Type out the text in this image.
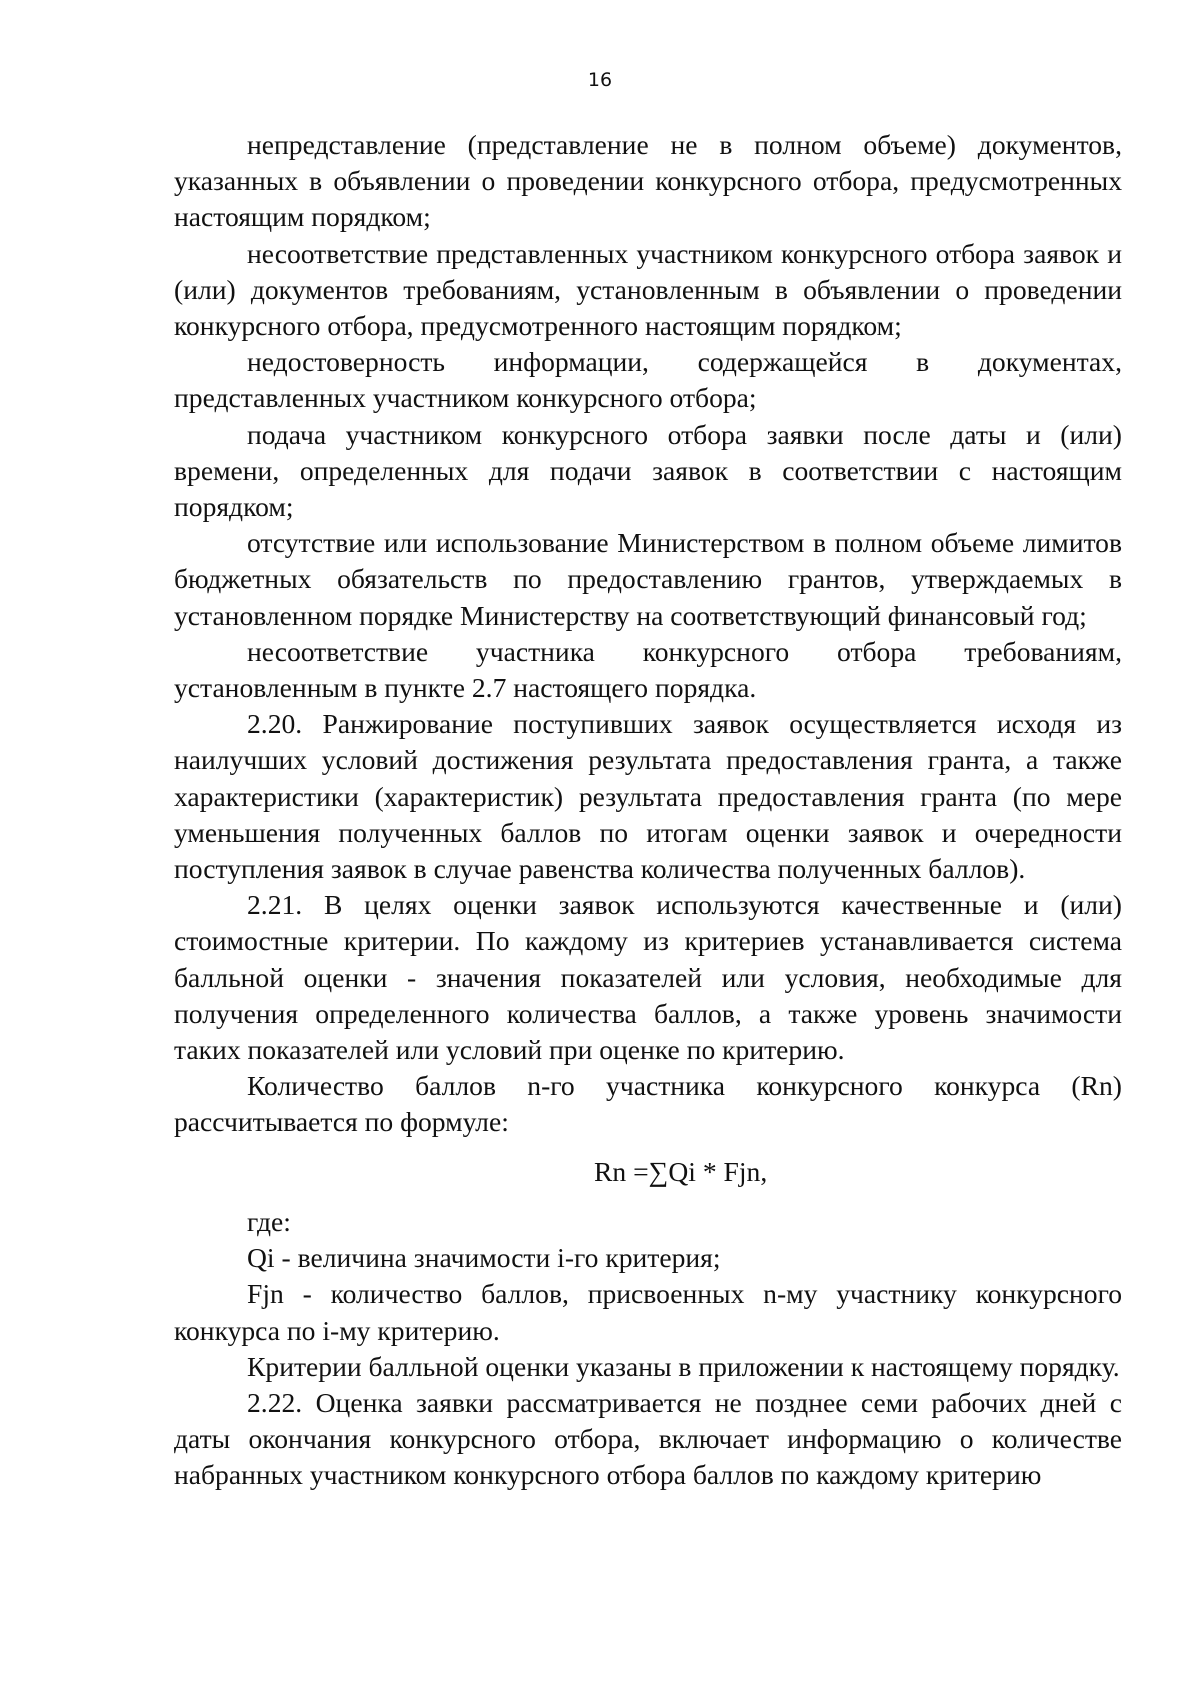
16

непредставление (представление не в полном объеме) документов, указанных в объявлении о проведении конкурсного отбора, предусмотренных настоящим порядком;

несоответствие представленных участником конкурсного отбора заявок и (или) документов требованиям, установленным в объявлении о проведении конкурсного отбора, предусмотренного настоящим порядком;

недостоверность информации, содержащейся в документах, представленных участником конкурсного отбора;

подача участником конкурсного отбора заявки после даты и (или) времени, определенных для подачи заявок в соответствии с настоящим порядком;

отсутствие или использование Министерством в полном объеме лимитов бюджетных обязательств по предоставлению грантов, утверждаемых в установленном порядке Министерству на соответствующий финансовый год;

несоответствие участника конкурсного отбора требованиям, установленным в пункте 2.7 настоящего порядка.

2.20. Ранжирование поступивших заявок осуществляется исходя из наилучших условий достижения результата предоставления гранта, а также характеристики (характеристик) результата предоставления гранта (по мере уменьшения полученных баллов по итогам оценки заявок и очередности поступления заявок в случае равенства количества полученных баллов).

2.21. В целях оценки заявок используются качественные и (или) стоимостные критерии. По каждому из критериев устанавливается система балльной оценки - значения показателей или условия, необходимые для получения определенного количества баллов, а также уровень значимости таких показателей или условий при оценке по критерию.

Количество баллов n-го участника конкурсного конкурса (Rn) рассчитывается по формуле:

Rn =∑Qi * Fjn,

где:

Qi - величина значимости i-го критерия;

Fjn - количество баллов, присвоенных n-му участнику конкурсного конкурса по i-му критерию.

Критерии балльной оценки указаны в приложении к настоящему порядку.

2.22. Оценка заявки рассматривается не позднее семи рабочих дней с даты окончания конкурсного отбора, включает информацию о количестве набранных участником конкурсного отбора баллов по каждому критерию
